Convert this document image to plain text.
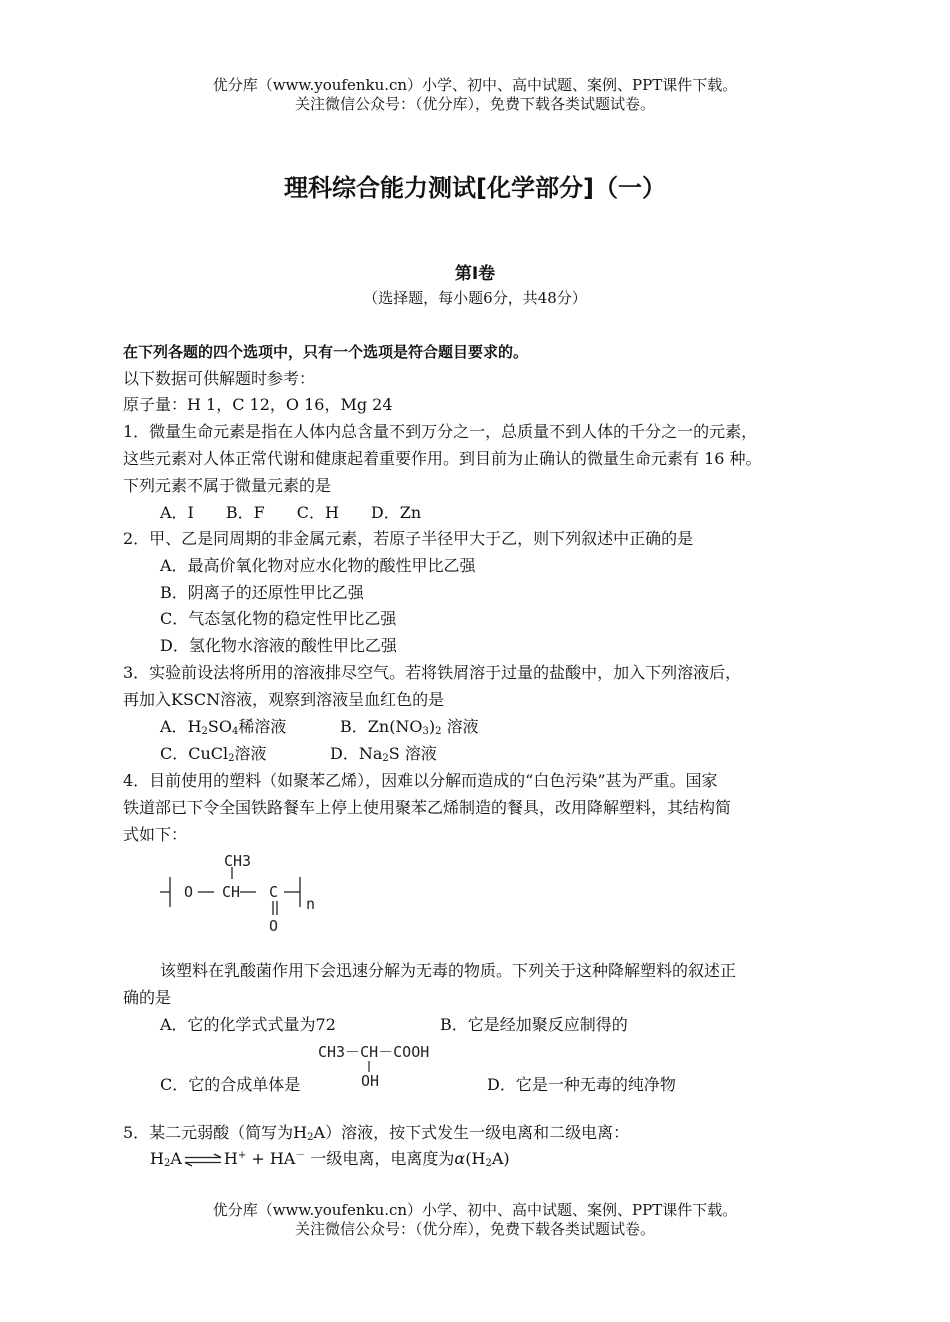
优分库（www.youfenku.cn）小学、初中、高中试题、案例、PPT课件下载。
关注微信公众号：（优分库），免费下载各类试题试卷。
理科综合能力测试[化学部分]（一）
第Ⅰ卷
（选择题，每小题6分，共48分）
在下列各题的四个选项中，只有一个选项是符合题目要求的。
以下数据可供解题时参考：
原子量：H 1，C 12，O 16，Mg 24
1．微量生命元素是指在人体内总含量不到万分之一，总质量不到人体的千分之一的元素，
这些元素对人体正常代谢和健康起着重要作用。到目前为止确认的微量生命元素有 16 种。
下列元素不属于微量元素的是
A．I　　B．F　　C．H　　D．Zn
2．甲、乙是同周期的非金属元素，若原子半径甲大于乙，则下列叙述中正确的是
A．最高价氧化物对应水化物的酸性甲比乙强
B．阴离子的还原性甲比乙强
C．气态氢化物的稳定性甲比乙强
D．氢化物水溶液的酸性甲比乙强
3．实验前设法将所用的溶液排尽空气。若将铁屑溶于过量的盐酸中，加入下列溶液后，
再加入KSCN溶液，观察到溶液呈血红色的是
A．$H_2SO_4$稀溶液	B．$Zn(NO_3)_2$ 溶液
C．CuCl$_2$溶液	D．$Na_2S$ 溶液
4．目前使用的塑料（如聚苯乙烯），因难以分解而造成的“白色污染”甚为严重。国家
铁道部已下令全国铁路餐车上停上使用聚苯乙烯制造的餐具，改用降解塑料，其结构简
式如下：
CH3
O CH C
O
n
该塑料在乳酸菌作用下会迅速分解为无毒的物质。下列关于这种降解塑料的叙述正
确的是
A．它的化学式式量为72	B．它是经加聚反应制得的
CH3－CH－COOH
OH
C．它的合成单体是	D．它是一种无毒的纯净物
5．某二元弱酸（简写为$H_2A$）溶液，按下式发生一级电离和二级电离：
$H_2A$ ⇌ H+ + HA－ 一级电离，电离度为$\alpha(H_2A)$
优分库（www.youfenku.cn）小学、初中、高中试题、案例、PPT课件下载。
关注微信公众号：（优分库），免费下载各类试题试卷。
